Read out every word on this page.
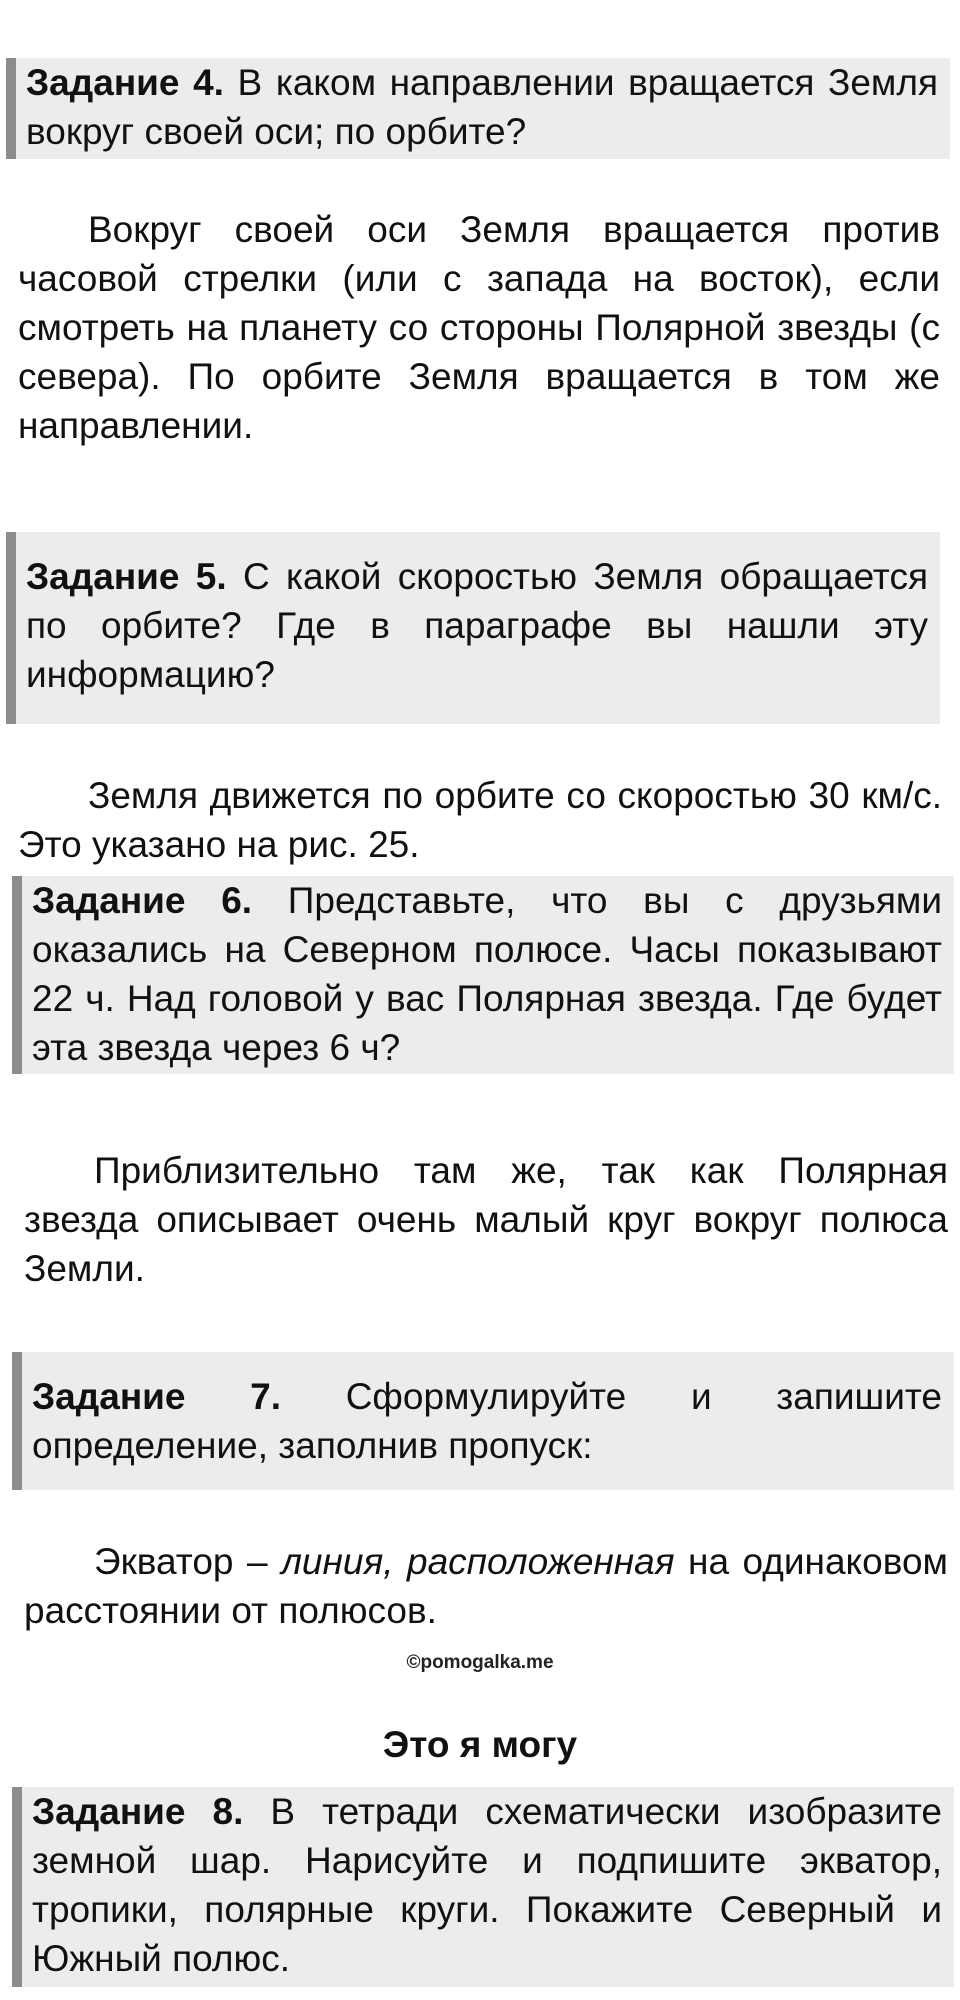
Задание 4. В каком направлении вращается Земля вокруг своей оси; по орбите?
Вокруг своей оси Земля вращается против часовой стрелки (или с запада на восток), если смотреть на планету со стороны Полярной звезды (с севера). По орбите Земля вращается в том же направлении.
Задание 5. С какой скоростью Земля обращается по орбите? Где в параграфе вы нашли эту информацию?
Земля движется по орбите со скоростью 30 км/с. Это указано на рис. 25.
Задание 6. Представьте, что вы с друзьями оказались на Северном полюсе. Часы показывают 22 ч. Над головой у вас Полярная звезда. Где будет эта звезда через 6 ч?
Приблизительно там же, так как Полярная звезда описывает очень малый круг вокруг полюса Земли.
Задание 7. Сформулируйте и запишите определение, заполнив пропуск:
Экватор – линия, расположенная на одинаковом расстоянии от полюсов.
©pomogalka.me
Это я могу
Задание 8. В тетради схематически изобразите земной шар. Нарисуйте и подпишите экватор, тропики, полярные круги. Покажите Северный и Южный полюс.
